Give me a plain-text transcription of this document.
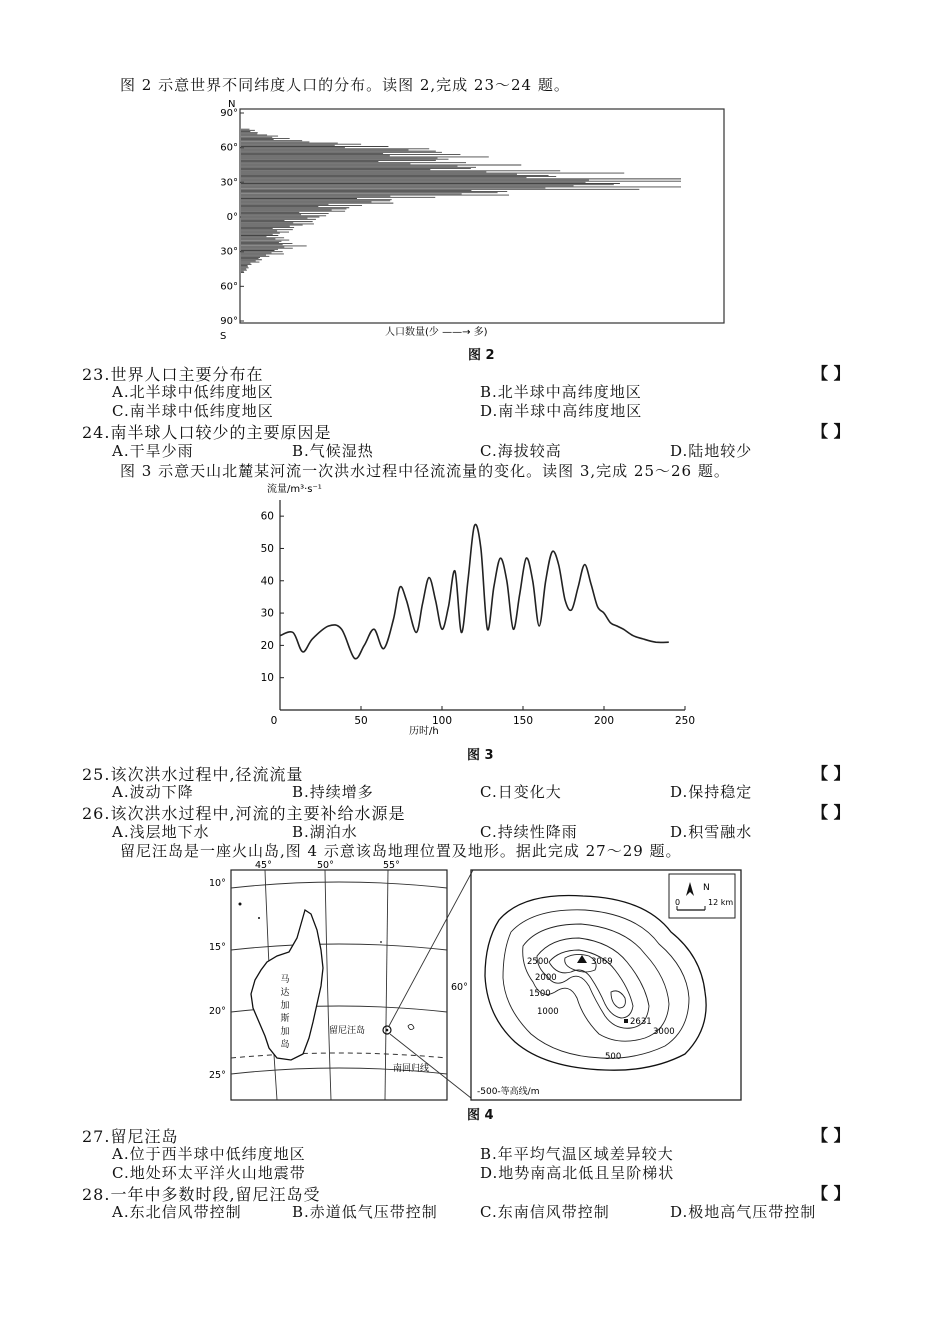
图 2 示意世界不同纬度人口的分布。读图 2,完成 23～24 题。
N
S
90°
60°
30°
0°
30°
60°
90°
人口数量(少 ——→ 多)
图 2
23.世界人口主要分布在	【 】
A.北半球中低纬度地区	B.北半球中高纬度地区
C.南半球中低纬度地区	D.南半球中高纬度地区
24.南半球人口较少的主要原因是	【 】
A.干旱少雨	B.气候湿热	C.海拔较高	D.陆地较少
图 3 示意天山北麓某河流一次洪水过程中径流流量的变化。读图 3,完成 25～26 题。
流量/m³·s⁻¹
10
20
30
40
50
60
0	50	100	150	200	250
历时/h
图 3
25.该次洪水过程中,径流流量	【 】
A.波动下降	B.持续增多	C.日变化大	D.保持稳定
26.该次洪水过程中,河流的主要补给水源是	【 】
A.浅层地下水	B.湖泊水	C.持续性降雨	D.积雪融水
留尼汪岛是一座火山岛,图 4 示意该岛地理位置及地形。据此完成 27～29 题。
45°	50°	55°
10°
15°
20°
25°
60°
留尼汪岛
南回归线
马
达
加
斯
加
岛
3069
2631
3000
2500
2000
1500
1000
500
N
0	12 km
-500-等高线/m
图 4
27.留尼汪岛	【 】
A.位于西半球中低纬度地区	B.年平均气温区域差异较大
C.地处环太平洋火山地震带	D.地势南高北低且呈阶梯状
28.一年中多数时段,留尼汪岛受	【 】
A.东北信风带控制	B.赤道低气压带控制	C.东南信风带控制	D.极地高气压带控制
